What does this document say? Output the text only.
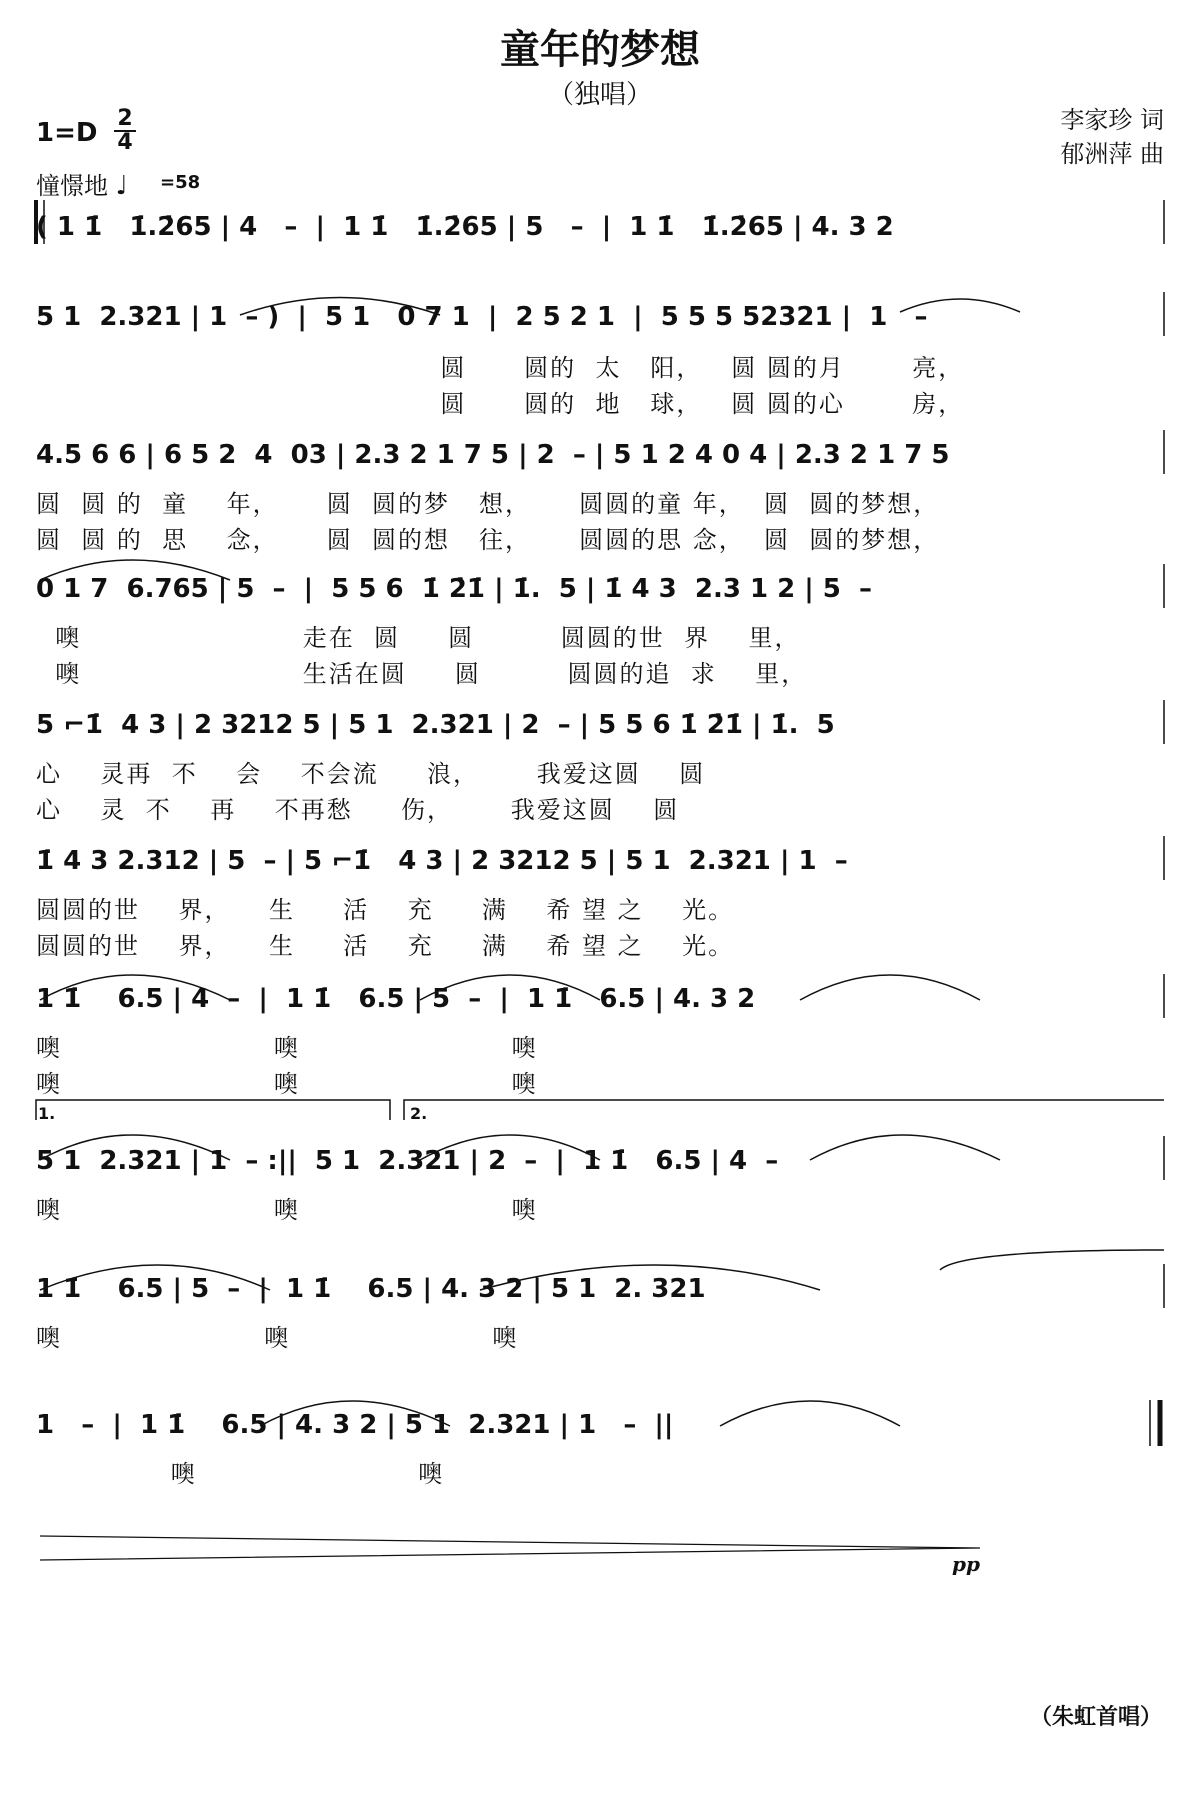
童年的梦想
（独唱）
1=D 2
4
憧憬地 ♩ =58
李家珍 词
郁洲萍 曲
( 1 1̇   1̇.2̇65 | 4   –  |  1 1̇   1̇.2̇65 | 5   –  |  1 1̇   1̇.2̇65 | 4. 3 2
5 1  2.321 | 1  – )  |  5 1   0 7 1  |  2 5 2 1  |  5 5 5 52321 |  1   –
圆      圆的  太   阳，   圆 圆的月       亮，
圆      圆的  地   球，   圆 圆的心       房，
4.5 6 6 | 6 5 2  4  03 | 2.3 2 1 7 5 | 2  – | 5 1 2 4 0 4 | 2.3 2 1 7 5
圆  圆 的  童    年，     圆  圆的梦   想，     圆圆的童 年，  圆  圆的梦想，
圆  圆 的  思    念，     圆  圆的想   往，     圆圆的思 念，  圆  圆的梦想，
0 1 7  6.765 | 5  –  |  5 5 6  1̇ 2̇1̇ | 1̇.  5 | 1̇ 4 3  2.3 1 2 | 5  –
噢                       走在  圆     圆         圆圆的世  界    里，
噢                       生活在圆     圆         圆圆的追  求    里，
5 ⌐1̇  4 3 | 2 3212 5 | 5 1  2.321 | 2  – | 5 5 6 1̇ 2̇1̇ | 1̇.  5
心    灵再  不    会    不会流     浪，      我爱这圆    圆
心    灵  不    再    不再愁     伤，      我爱这圆    圆
1̇ 4 3 2.312 | 5  – | 5 ⌐1̇   4 3 | 2 3212 5 | 5 1  2.321 | 1  –
圆圆的世    界，    生     活    充     满    希 望 之    光。
圆圆的世    界，    生     活    充     满    希 望 之    光。
1 1̇    6.5 | 4  –  |  1 1̇   6.5 | 5  –  |  1 1̇   6.5 | 4. 3 2
噢                      噢                      噢
噢                      噢                      噢
5 1  2.321 | 1  – :||  5 1  2.321 | 2  –  |  1 1̇   6.5 | 4  –
噢                      噢                      噢
1 1̇    6.5 | 5  –  |  1 1̇    6.5 | 4. 3 2 | 5 1  2. 321
噢                     噢                     噢
1   –  |  1 1̇    6.5 | 4. 3 2 | 5 1  2.321 | 1   –  ||
噢                       噢
1.	2.
pp
（朱虹首唱）
